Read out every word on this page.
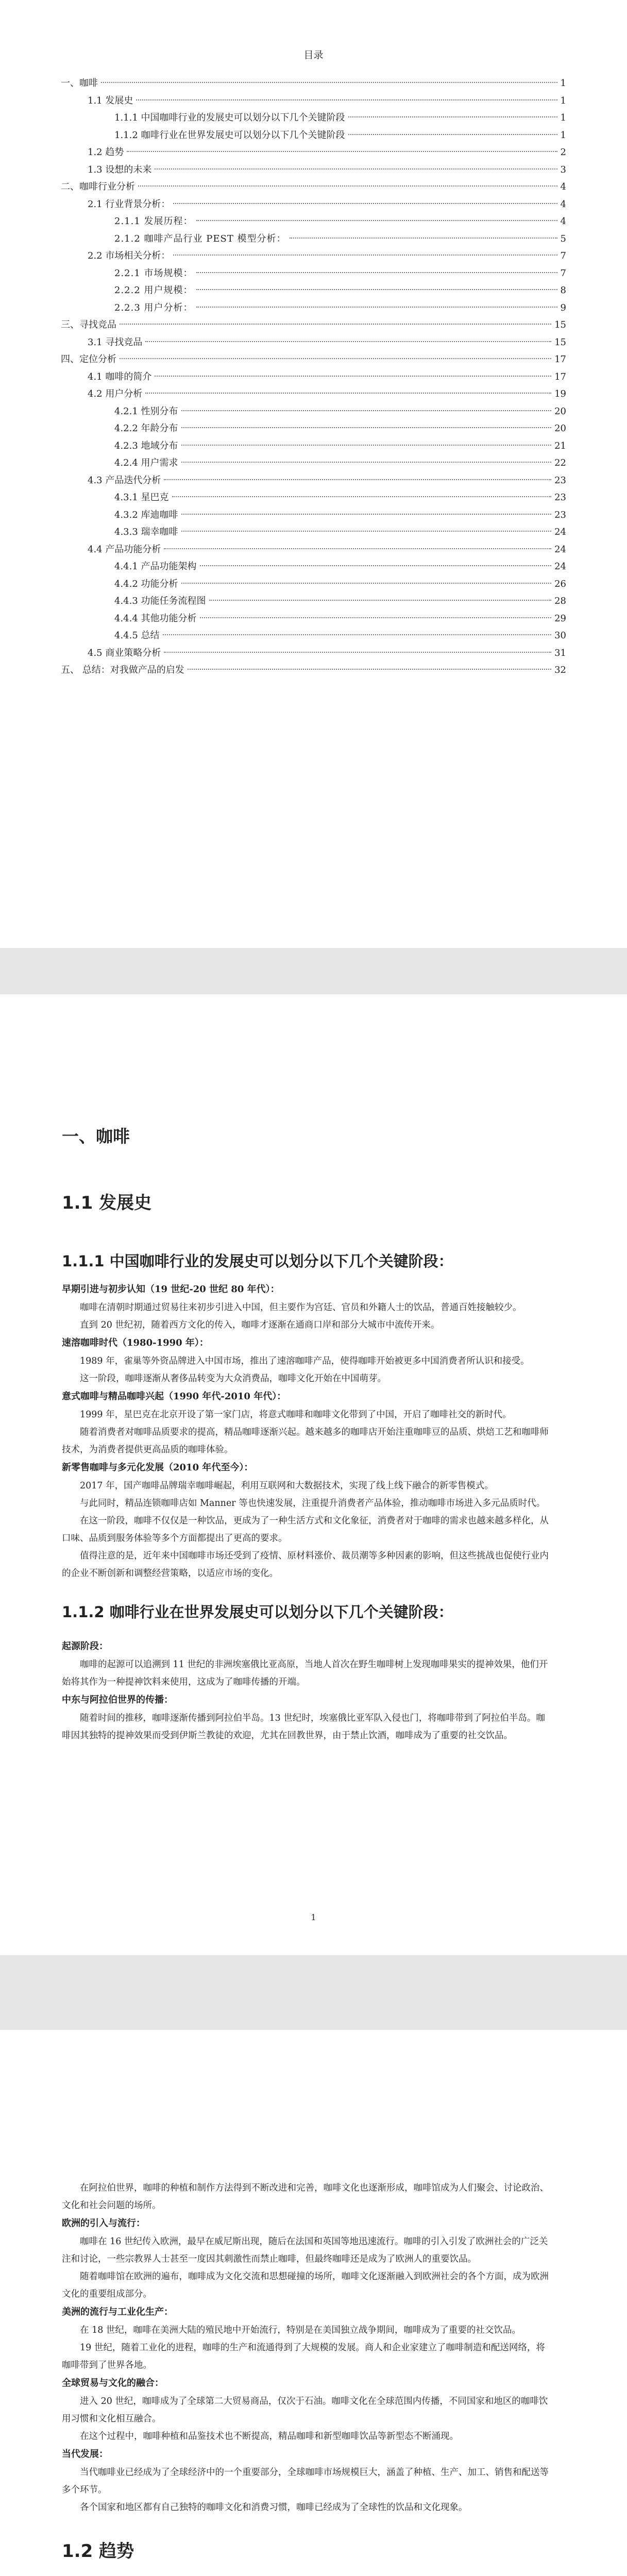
目录
一、咖啡	1
1.1 发展史	1
1.1.1 中国咖啡行业的发展史可以划分以下几个关键阶段	1
1.1.2 咖啡行业在世界发展史可以划分以下几个关键阶段	1
1.2 趋势	2
1.3 设想的未来	3
二、咖啡行业分析	4
2.1 行业背景分析：	4
2.1.1 发展历程：	4
2.1.2 咖啡产品行业 PEST 模型分析：	5
2.2 市场相关分析：	7
2.2.1 市场规模：	7
2.2.2 用户规模：	8
2.2.3 用户分析：	9
三、寻找竞品	15
3.1 寻找竞品	15
四、定位分析	17
4.1 咖啡的简介	17
4.2 用户分析	19
4.2.1 性别分布	20
4.2.2 年龄分布	20
4.2.3 地域分布	21
4.2.4 用户需求	22
4.3 产品迭代分析	23
4.3.1 星巴克	23
4.3.2 库迪咖啡	23
4.3.3 瑞幸咖啡	24
4.4 产品功能分析	24
4.4.1 产品功能架构	24
4.4.2 功能分析	26
4.4.3 功能任务流程图	28
4.4.4 其他功能分析	29
4.4.5 总结	30
4.5 商业策略分析	31
五、 总结：对我做产品的启发	32
一、咖啡
1.1 发展史
1.1.1 中国咖啡行业的发展史可以划分以下几个关键阶段：

早期引进与初步认知（19 世纪-20 世纪 80 年代）：

咖啡在清朝时期通过贸易往来初步引进入中国，但主要作为宫廷、官员和外籍人士的饮品，普通百姓接触较少。

直到 20 世纪初，随着西方文化的传入，咖啡才逐渐在通商口岸和部分大城市中流传开来。

速溶咖啡时代（1980-1990 年）：

1989 年，雀巢等外资品牌进入中国市场，推出了速溶咖啡产品，使得咖啡开始被更多中国消费者所认识和接受。

这一阶段，咖啡逐渐从奢侈品转变为大众消费品，咖啡文化开始在中国萌芽。

意式咖啡与精品咖啡兴起（1990 年代-2010 年代）：

1999 年，星巴克在北京开设了第一家门店，将意式咖啡和咖啡文化带到了中国，开启了咖啡社交的新时代。

随着消费者对咖啡品质要求的提高，精品咖啡逐渐兴起。越来越多的咖啡店开始注重咖啡豆的品质、烘焙工艺和咖啡师技术，为消费者提供更高品质的咖啡体验。

新零售咖啡与多元化发展（2010 年代至今）：

2017 年，国产咖啡品牌瑞幸咖啡崛起，利用互联网和大数据技术，实现了线上线下融合的新零售模式。

与此同时，精品连锁咖啡店如 Manner 等也快速发展，注重提升消费者产品体验，推动咖啡市场进入多元品质时代。

在这一阶段，咖啡不仅仅是一种饮品，更成为了一种生活方式和文化象征，消费者对于咖啡的需求也越来越多样化，从口味、品质到服务体验等多个方面都提出了更高的要求。

值得注意的是，近年来中国咖啡市场还受到了疫情、原材料涨价、裁员潮等多种因素的影响，但这些挑战也促使行业内的企业不断创新和调整经营策略，以适应市场的变化。

1.1.2 咖啡行业在世界发展史可以划分以下几个关键阶段：

起源阶段：

咖啡的起源可以追溯到 11 世纪的非洲埃塞俄比亚高原，当地人首次在野生咖啡树上发现咖啡果实的提神效果，他们开始将其作为一种提神饮料来使用，这成为了咖啡传播的开端。

中东与阿拉伯世界的传播：

随着时间的推移，咖啡逐渐传播到阿拉伯半岛。13 世纪时，埃塞俄比亚军队入侵也门，将咖啡带到了阿拉伯半岛。咖啡因其独特的提神效果而受到伊斯兰教徒的欢迎，尤其在回教世界，由于禁止饮酒，咖啡成为了重要的社交饮品。

1

在阿拉伯世界，咖啡的种植和制作方法得到不断改进和完善，咖啡文化也逐渐形成，咖啡馆成为人们聚会、讨论政治、文化和社会问题的场所。

欧洲的引入与流行：

咖啡在 16 世纪传入欧洲，最早在威尼斯出现，随后在法国和英国等地迅速流行。咖啡的引入引发了欧洲社会的广泛关注和讨论，一些宗教界人士甚至一度因其刺激性而禁止咖啡，但最终咖啡还是成为了欧洲人的重要饮品。

随着咖啡馆在欧洲的遍布，咖啡成为文化交流和思想碰撞的场所，咖啡文化逐渐融入到欧洲社会的各个方面，成为欧洲文化的重要组成部分。

美洲的流行与工业化生产：

在 18 世纪，咖啡在美洲大陆的殖民地中开始流行，特别是在美国独立战争期间，咖啡成为了重要的社交饮品。

19 世纪，随着工业化的进程，咖啡的生产和流通得到了大规模的发展。商人和企业家建立了咖啡制造和配送网络，将咖啡带到了世界各地。

全球贸易与文化的融合：

进入 20 世纪，咖啡成为了全球第二大贸易商品，仅次于石油。咖啡文化在全球范围内传播，不同国家和地区的咖啡饮用习惯和文化相互融合。

在这个过程中，咖啡种植和品鉴技术也不断提高，精品咖啡和新型咖啡饮品等新型态不断涌现。

当代发展：

当代咖啡业已经成为了全球经济中的一个重要部分，全球咖啡市场规模巨大，涵盖了种植、生产、加工、销售和配送等多个环节。

各个国家和地区都有自己独特的咖啡文化和消费习惯，咖啡已经成为了全球性的饮品和文化现象。

1.2 趋势
